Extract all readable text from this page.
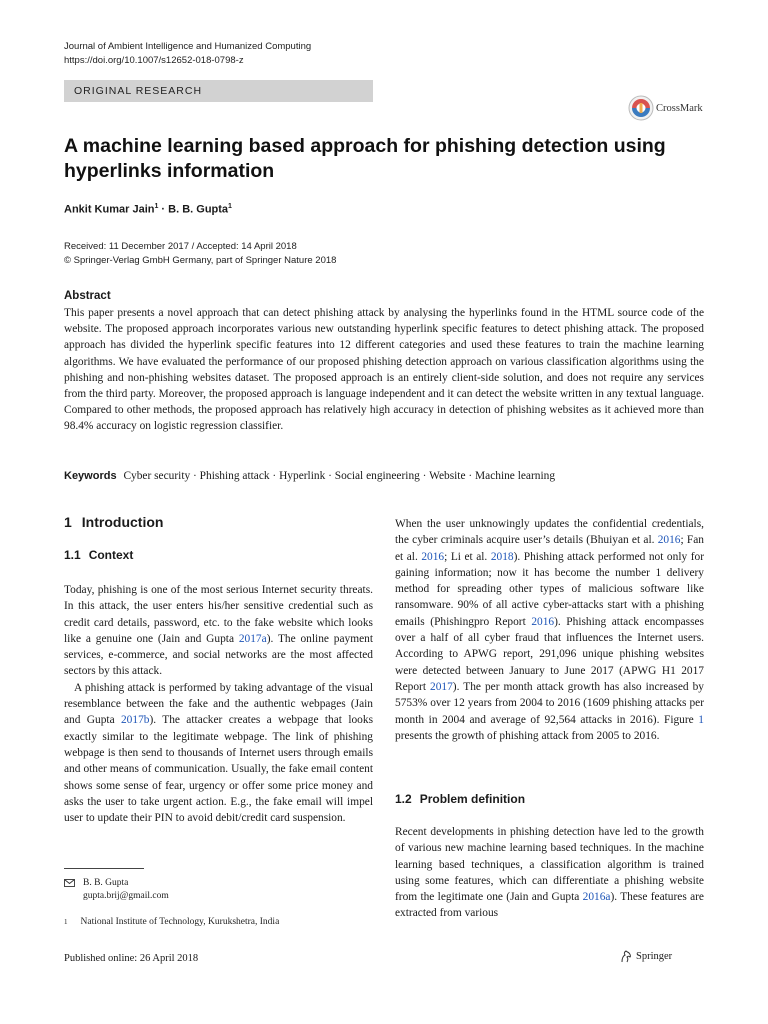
Journal of Ambient Intelligence and Humanized Computing
https://doi.org/10.1007/s12652-018-0798-z
ORIGINAL RESEARCH
CrossMark
A machine learning based approach for phishing detection using hyperlinks information
Ankit Kumar Jain$^1$ · B. B. Gupta$^1$
Received: 11 December 2017 / Accepted: 14 April 2018
© Springer-Verlag GmbH Germany, part of Springer Nature 2018
Abstract
This paper presents a novel approach that can detect phishing attack by analysing the hyperlinks found in the HTML source code of the website. The proposed approach incorporates various new outstanding hyperlink specific features to detect phishing attack. The proposed approach has divided the hyperlink specific features into 12 different categories and used these features to train the machine learning algorithms. We have evaluated the performance of our proposed phishing detection approach on various classification algorithms using the phishing and non-phishing websites dataset. The proposed approach is an entirely client-side solution, and does not require any services from the third party. Moreover, the proposed approach is language independent and it can detect the website written in any textual language. Compared to other methods, the proposed approach has relatively high accuracy in detection of phishing websites as it achieved more than 98.4% accuracy on logistic regression classifier.
Keywords Cyber security · Phishing attack · Hyperlink · Social engineering · Website · Machine learning
1 Introduction
1.1 Context

Today, phishing is one of the most serious Internet security threats. In this attack, the user enters his/her sensitive credential such as credit card details, password, etc. to the fake website which looks like a genuine one (Jain and Gupta 2017a). The online payment services, e-commerce, and social networks are the most affected sectors by this attack.

A phishing attack is performed by taking advantage of the visual resemblance between the fake and the authentic webpages (Jain and Gupta 2017b). The attacker creates a webpage that looks exactly similar to the legitimate webpage. The link of phishing webpage is then send to thousands of Internet users through emails and other means of communication. Usually, the fake email content shows some sense of fear, urgency or offer some price money and asks the user to take urgent action. E.g., the fake email will impel user to update their PIN to avoid debit/credit card suspension.

When the user unknowingly updates the confidential credentials, the cyber criminals acquire user’s details (Bhuiyan et al. 2016; Fan et al. 2016; Li et al. 2018). Phishing attack performed not only for gaining information; now it has become the number 1 delivery method for spreading other types of malicious software like ransomware. 90% of all active cyber-attacks start with a phishing emails (Phishingpro Report 2016). Phishing attack encompasses over a half of all cyber fraud that influences the Internet users. According to APWG report, 291,096 unique phishing websites were detected between January to June 2017 (APWG H1 2017 Report 2017). The per month attack growth has also increased by 5753% over 12 years from 2004 to 2016 (1609 phishing attacks per month in 2004 and average of 92,564 attacks in 2016). Figure 1 presents the growth of phishing attack from 2005 to 2016.

1.2 Problem definition

Recent developments in phishing detection have led to the growth of various new machine learning based techniques. In the machine learning based techniques, a classification algorithm is trained using some features, which can differentiate a phishing website from the legitimate one (Jain and Gupta 2016a). These features are extracted from various

B. B. Gupta
gupta.brij@gmail.com
$^1$ National Institute of Technology, Kurukshetra, India
Published online: 26 April 2018	Springer
